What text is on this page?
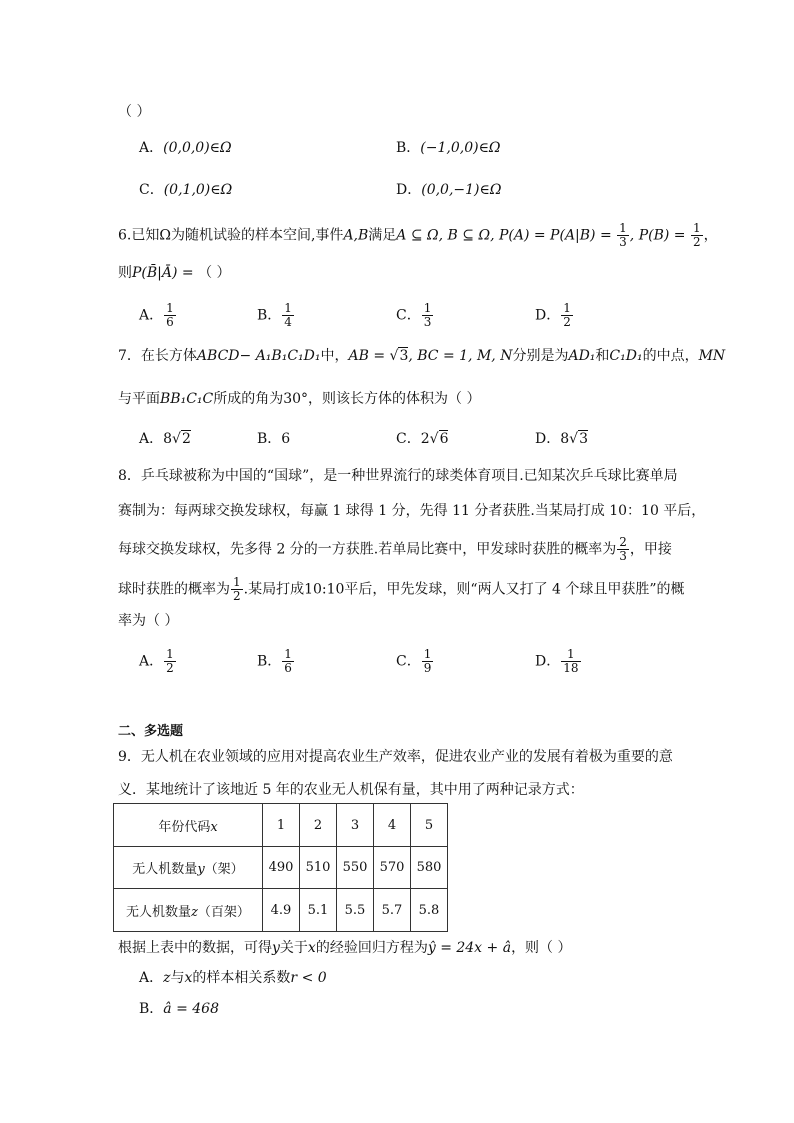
（ ）
A．(0,0,0)∈Ω	B．(−1,0,0)∈Ω
C．(0,1,0)∈Ω	D．(0,0,−1)∈Ω
6.已知Ω为随机试验的样本空间,事件A,B满足A ⊆ Ω, B ⊆ Ω, $P(A) = P(A|B) = \frac{1}{3}$ , $P(B) = \frac{1}{2}$ ，
则P(B̄|Ā) = （ ）
A． $\frac{1}{6}$	B． $\frac{1}{4}$	C． $\frac{1}{3}$	D． $\frac{1}{2}$
7．在长方体ABCD− A₁B₁C₁D₁中，AB = √3, BC = 1, M, N分别是为AD₁和C₁D₁的中点，MN
与平面BB₁C₁C所成的角为30°，则该长方体的体积为（ ）
A．8√2	B．6	C．2√6	D．8√3
8．乒乓球被称为中国的“国球”，是一种世界流行的球类体育项目.已知某次乒乓球比赛单局
赛制为：每两球交换发球权，每赢 1 球得 1 分，先得 11 分者获胜.当某局打成 10：10 平后，
每球交换发球权，先多得 2 分的一方获胜.若单局比赛中，甲发球时获胜的概率为 $\frac{2}{3}$ ，甲接
球时获胜的概率为 $\frac{1}{2}$ .某局打成10:10平后，甲先发球，则“两人又打了 4 个球且甲获胜”的概
率为（ ）
A． $\frac{1}{2}$	B． $\frac{1}{6}$	C． $\frac{1}{9}$	D． $\frac{1}{18}$
二、多选题
9．无人机在农业领域的应用对提高农业生产效率，促进农业产业的发展有着极为重要的意
义．某地统计了该地近 5 年的农业无人机保有量，其中用了两种记录方式：
年份代码x	1	2	3	4	5
无人机数量y（架）	490	510	550	570	580
无人机数量z（百架）	4.9	5.1	5.5	5.7	5.8
根据上表中的数据，可得y关于x的经验回归方程为ŷ = 24x + â，则（ ）
A．z与x的样本相关系数r < 0
B．â = 468
